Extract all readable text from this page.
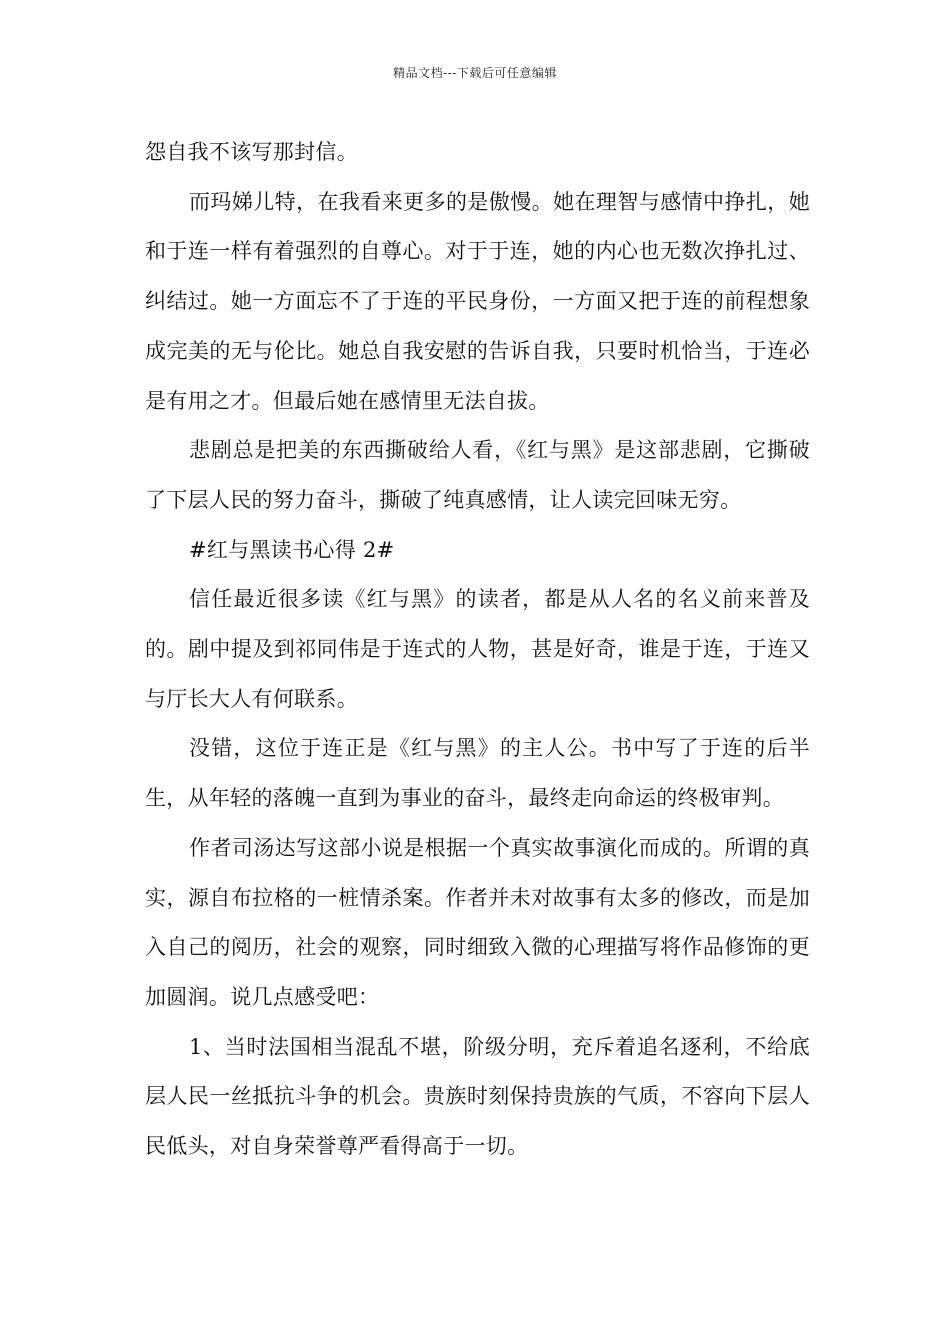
精品文档---下载后可任意编辑

怨自我不该写那封信。

而玛娣儿特，在我看来更多的是傲慢。她在理智与感情中挣扎，她和于连一样有着强烈的自尊心。对于于连，她的内心也无数次挣扎过、纠结过。她一方面忘不了于连的平民身份，一方面又把于连的前程想象成完美的无与伦比。她总自我安慰的告诉自我，只要时机恰当，于连必是有用之才。但最后她在感情里无法自拔。

悲剧总是把美的东西撕破给人看，《红与黑》是这部悲剧，它撕破了下层人民的努力奋斗，撕破了纯真感情，让人读完回味无穷。

#红与黑读书心得 2#

信任最近很多读《红与黑》的读者，都是从人名的名义前来普及的。剧中提及到祁同伟是于连式的人物，甚是好奇，谁是于连，于连又与厅长大人有何联系。

没错，这位于连正是《红与黑》的主人公。书中写了于连的后半生，从年轻的落魄一直到为事业的奋斗，最终走向命运的终极审判。

作者司汤达写这部小说是根据一个真实故事演化而成的。所谓的真实，源自布拉格的一桩情杀案。作者并未对故事有太多的修改，而是加入自己的阅历，社会的观察，同时细致入微的心理描写将作品修饰的更加圆润。说几点感受吧：

1、当时法国相当混乱不堪，阶级分明，充斥着追名逐利，不给底层人民一丝抵抗斗争的机会。贵族时刻保持贵族的气质，不容向下层人民低头，对自身荣誉尊严看得高于一切。
